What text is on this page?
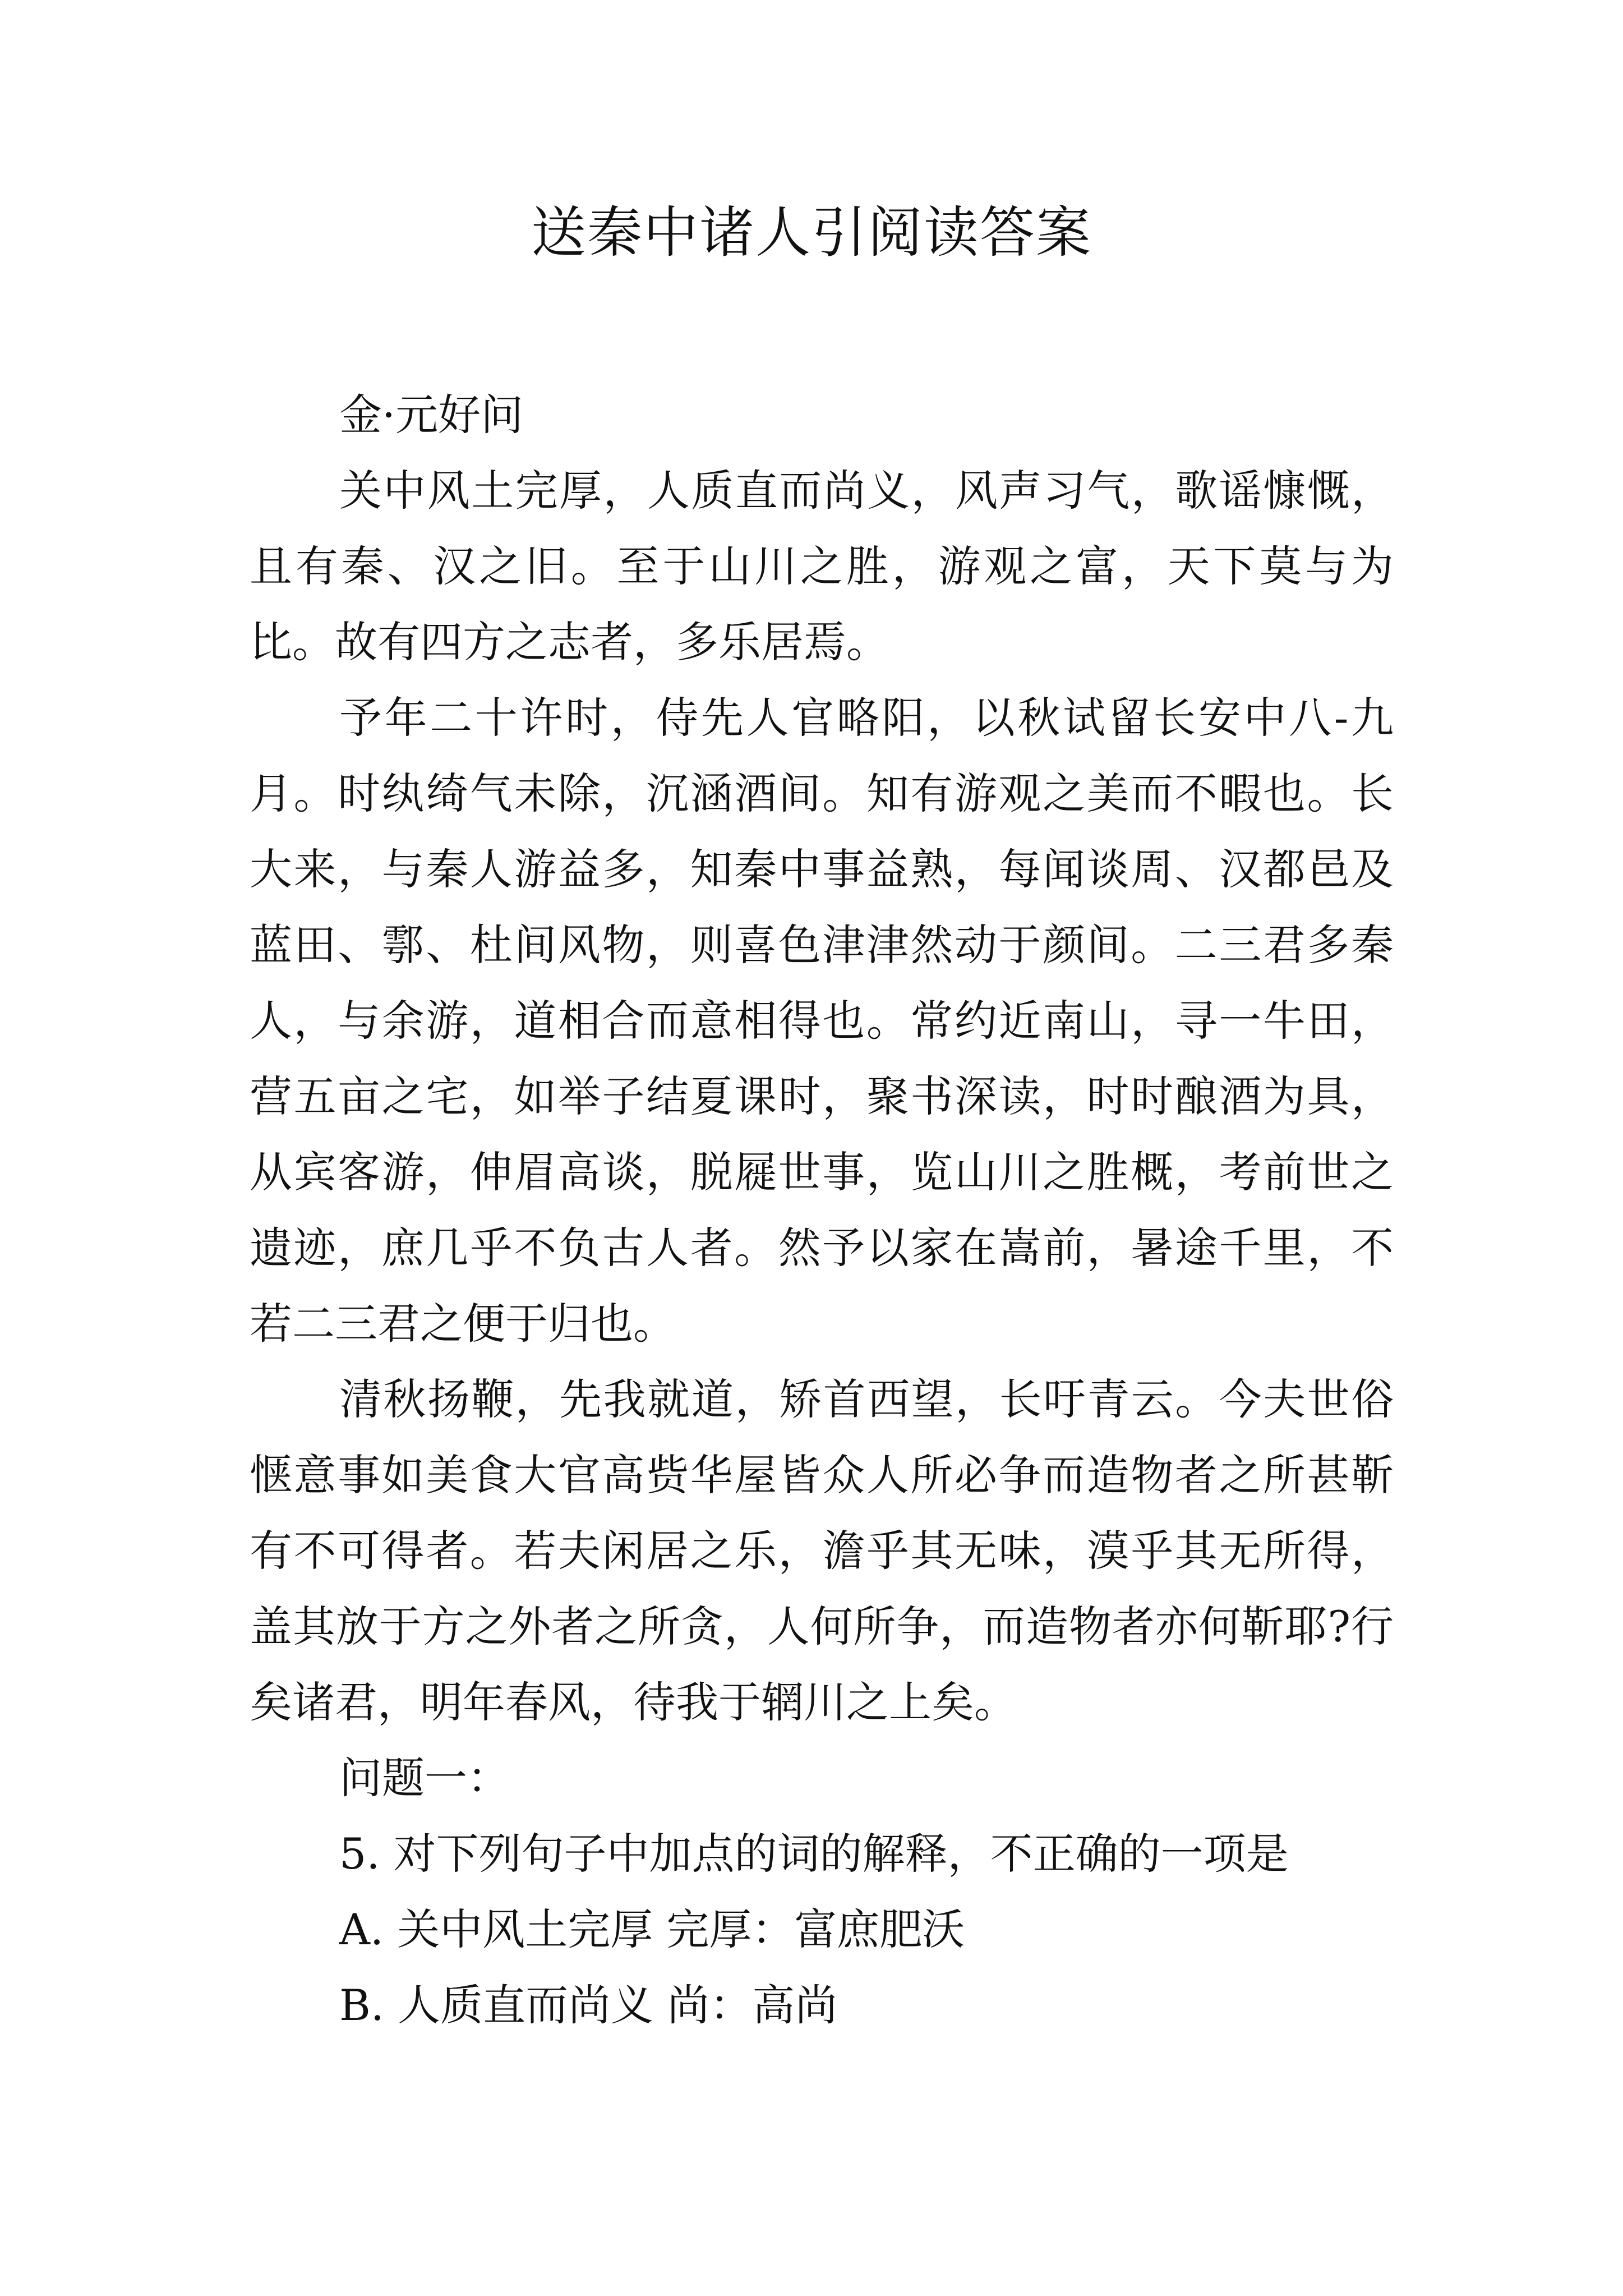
送秦中诸人引阅读答案

金·元好问

关中风土完厚，人质直而尚义，风声习气，歌谣慷慨，且有秦、汉之旧。至于山川之胜，游观之富，天下莫与为比。故有四方之志者，多乐居焉。

予年二十许时，侍先人官略阳，以秋试留长安中八-九月。时纨绮气未除，沉涵酒间。知有游观之美而不暇也。长大来，与秦人游益多，知秦中事益熟，每闻谈周、汉都邑及蓝田、鄠、杜间风物，则喜色津津然动于颜间。二三君多秦人，与余游，道相合而意相得也。常约近南山，寻一牛田，营五亩之宅，如举子结夏课时，聚书深读，时时酿酒为具，从宾客游，伸眉高谈，脱屣世事，览山川之胜概，考前世之遗迹，庶几乎不负古人者。然予以家在嵩前，暑途千里，不若二三君之便于归也。

清秋扬鞭，先我就道，矫首西望，长吁青云。今夫世俗惬意事如美食大官高赀华屋皆众人所必争而造物者之所甚靳有不可得者。若夫闲居之乐，澹乎其无味，漠乎其无所得，盖其放于方之外者之所贪，人何所争，而造物者亦何靳耶?行矣诸君，明年春风，待我于辋川之上矣。

问题一：

5. 对下列句子中加点的词的解释，不正确的一项是

A. 关中风土完厚 完厚：富庶肥沃

B. 人质直而尚义 尚：高尚
